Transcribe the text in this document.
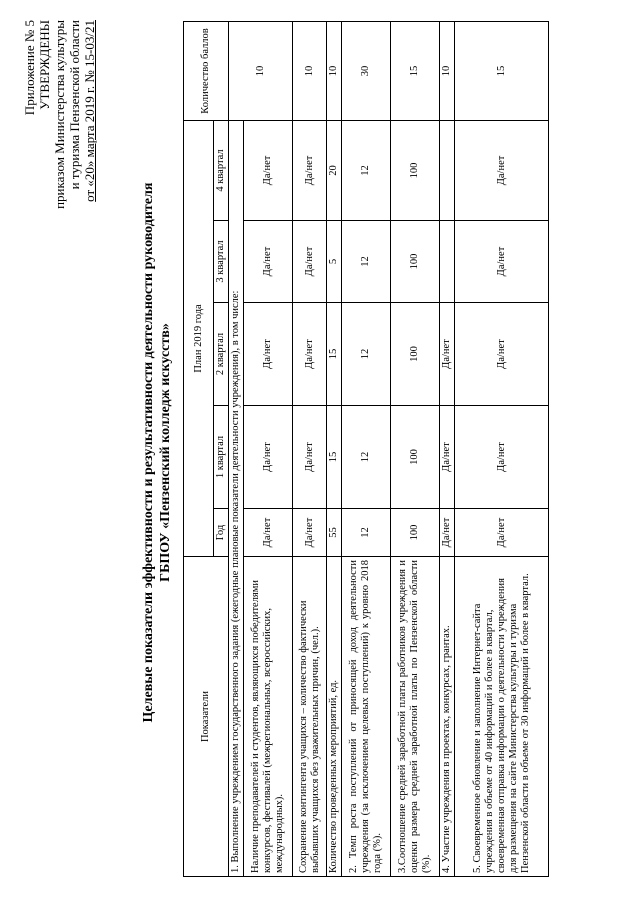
Приложение № 5 УТВЕРЖДЕНЫ приказом Министерства культуры и туризма Пензенской области от «20» марта 2019 г. № 15-03/21
Целевые показатели эффективности и результативности деятельности руководителя ГБПОУ «Пензенский колледж искусств»
Показатели	План 2019 года					Количество баллов
	Год	1 квартал	2 квартал	3 квартал	4 квартал	
1. Выполнение учреждением государственного задания (ежегодные плановые показатели деятельности учреждения), в том числе:						10
Наличие преподавателей и студентов, являющихся победителями конкурсов, фестивалей (межрегиональных, всероссийских, международных).	Да/нет	Да/нет	Да/нет	Да/нет	Да/нет	
Сохранение контингента учащихся – количество фактически выбывших учащихся без уважительных причин, (чел.).	Да/нет	Да/нет	Да/нет	Да/нет	Да/нет	10
Количество проведенных мероприятий, ед.	55	15	15	5	20	10
2. Темп роста поступлений от приносящей доход деятельности учреждения (за исключением целевых поступлений) к уровню 2018 года (%).	12	12	12	12	12	30
3.Соотношение средней заработной платы работников учреждения и оценки размера средней заработной платы по Пензенской области (%).	100	100	100	100	100	15
4. Участие учреждения в проектах, конкурсах, грантах.	Да/нет	Да/нет	Да/нет			10
5. Своевременное обновление и заполнение Интернет-сайта учреждения в объеме от 40 информаций и более в квартал, своевременная отправка информации о деятельности учреждения для размещения на сайте Министерства культуры и туризма Пензенской области в объеме от 30 информаций и более в квартал.	Да/нет	Да/нет	Да/нет	Да/нет	Да/нет	15
